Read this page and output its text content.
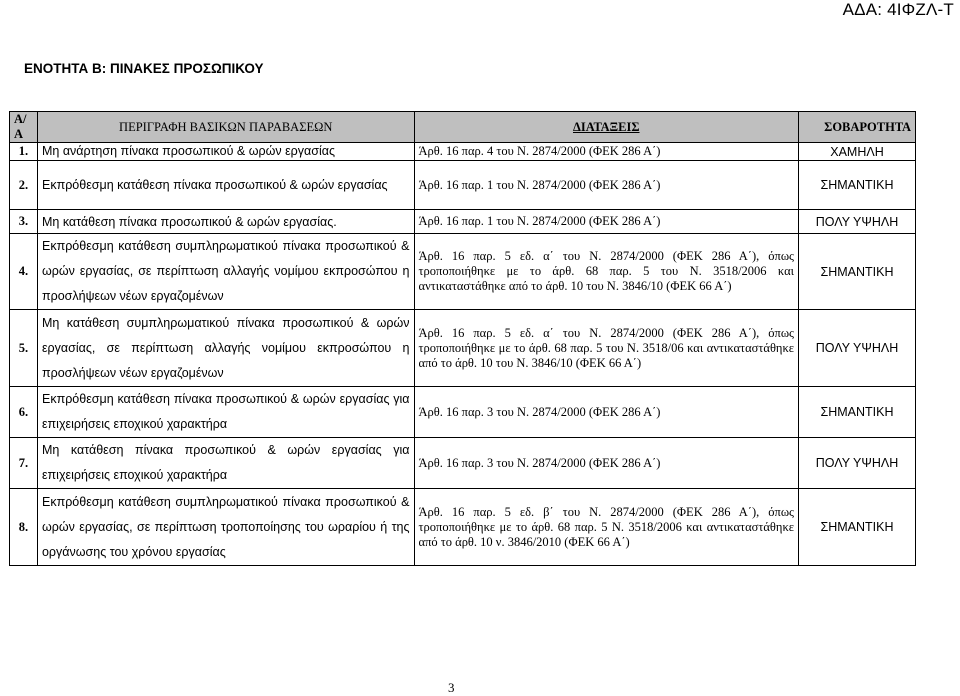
ΑΔΑ: 4ΙΦΖΛ-Τ
ΕΝΟΤΗΤΑ Β: ΠΙΝΑΚΕΣ ΠΡΟΣΩΠΙΚΟΥ
Α/Α	ΠΕΡΙΓΡΑΦΗ ΒΑΣΙΚΩΝ ΠΑΡΑΒΑΣΕΩΝ	ΔΙΑΤΑΞΕΙΣ	ΣΟΒΑΡΟΤΗΤΑ
1.	Μη ανάρτηση πίνακα προσωπικού & ωρών εργασίας	Άρθ. 16 παρ. 4 του Ν. 2874/2000 (ΦΕΚ 286 Α΄)	ΧΑΜΗΛΗ
2.	Εκπρόθεσμη κατάθεση πίνακα προσωπικού & ωρών εργασίας	Άρθ. 16 παρ. 1 του Ν. 2874/2000 (ΦΕΚ 286 Α΄)	ΣΗΜΑΝΤΙΚΗ
3.	Μη κατάθεση πίνακα προσωπικού & ωρών εργασίας.	Άρθ. 16 παρ. 1 του Ν. 2874/2000 (ΦΕΚ 286 Α΄)	ΠΟΛΥ ΥΨΗΛΗ
4.	Εκπρόθεσμη κατάθεση συμπληρωματικού πίνακα προσωπικού & ωρών εργασίας, σε περίπτωση αλλαγής νομίμου εκπροσώπου η προσλήψεων νέων εργαζομένων	Άρθ. 16 παρ. 5 εδ. α΄ του Ν. 2874/2000 (ΦΕΚ 286 Α΄), όπως τροποποιήθηκε με το άρθ. 68 παρ. 5 του Ν. 3518/2006 και αντικαταστάθηκε από το άρθ. 10 του Ν. 3846/10 (ΦΕΚ 66 Α΄)	ΣΗΜΑΝΤΙΚΗ
5.	Μη κατάθεση συμπληρωματικού πίνακα προσωπικού & ωρών εργασίας, σε περίπτωση αλλαγής νομίμου εκπροσώπου η προσλήψεων νέων εργαζομένων	Άρθ. 16 παρ. 5 εδ. α΄ του Ν. 2874/2000 (ΦΕΚ 286 Α΄), όπως τροποποιήθηκε με το άρθ. 68 παρ. 5 του Ν. 3518/06 και αντικαταστάθηκε από το άρθ. 10 του Ν. 3846/10 (ΦΕΚ 66 Α΄)	ΠΟΛΥ ΥΨΗΛΗ
6.	Εκπρόθεσμη κατάθεση πίνακα προσωπικού & ωρών εργασίας για επιχειρήσεις εποχικού χαρακτήρα	Άρθ. 16 παρ. 3 του Ν. 2874/2000 (ΦΕΚ 286 Α΄)	ΣΗΜΑΝΤΙΚΗ
7.	Μη κατάθεση πίνακα προσωπικού & ωρών εργασίας για επιχειρήσεις εποχικού χαρακτήρα	Άρθ. 16 παρ. 3 του Ν. 2874/2000 (ΦΕΚ 286 Α΄)	ΠΟΛΥ ΥΨΗΛΗ
8.	Εκπρόθεσμη κατάθεση συμπληρωματικού πίνακα προσωπικού & ωρών εργασίας, σε περίπτωση τροποποίησης του ωραρίου ή της οργάνωσης του χρόνου εργασίας	Άρθ. 16 παρ. 5 εδ. β΄ του Ν. 2874/2000 (ΦΕΚ 286 Α΄), όπως τροποποιήθηκε με το άρθ. 68 παρ. 5 Ν. 3518/2006 και αντικαταστάθηκε από το άρθ. 10 ν. 3846/2010 (ΦΕΚ 66 Α΄)	ΣΗΜΑΝΤΙΚΗ
3
